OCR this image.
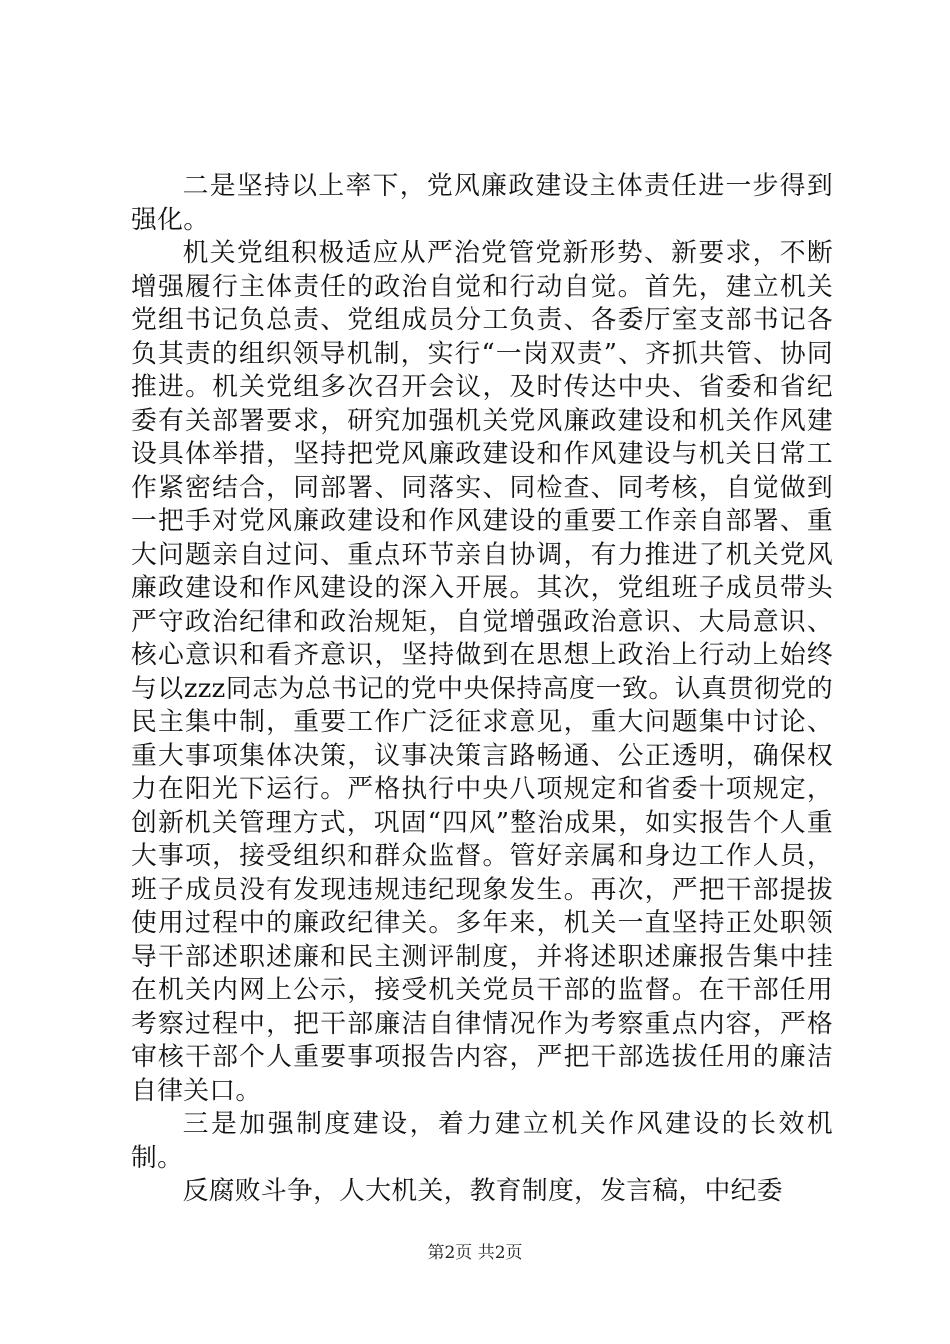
二是坚持以上率下，党风廉政建设主体责任进一步得到强化。

机关党组积极适应从严治党管党新形势、新要求，不断增强履行主体责任的政治自觉和行动自觉。首先，建立机关党组书记负总责、党组成员分工负责、各委厅室支部书记各负其责的组织领导机制，实行“一岗双责”、齐抓共管、协同推进。机关党组多次召开会议，及时传达中央、省委和省纪委有关部署要求，研究加强机关党风廉政建设和机关作风建设具体举措，坚持把党风廉政建设和作风建设与机关日常工作紧密结合，同部署、同落实、同检查、同考核，自觉做到一把手对党风廉政建设和作风建设的重要工作亲自部署、重大问题亲自过问、重点环节亲自协调，有力推进了机关党风廉政建设和作风建设的深入开展。其次，党组班子成员带头严守政治纪律和政治规矩，自觉增强政治意识、大局意识、核心意识和看齐意识，坚持做到在思想上政治上行动上始终与以zzz同志为总书记的党中央保持高度一致。认真贯彻党的民主集中制，重要工作广泛征求意见，重大问题集中讨论、重大事项集体决策，议事决策言路畅通、公正透明，确保权力在阳光下运行。严格执行中央八项规定和省委十项规定，创新机关管理方式，巩固“四风”整治成果，如实报告个人重大事项，接受组织和群众监督。管好亲属和身边工作人员，班子成员没有发现违规违纪现象发生。再次，严把干部提拔使用过程中的廉政纪律关。多年来，机关一直坚持正处职领导干部述职述廉和民主测评制度，并将述职述廉报告集中挂在机关内网上公示，接受机关党员干部的监督。在干部任用考察过程中，把干部廉洁自律情况作为考察重点内容，严格审核干部个人重要事项报告内容，严把干部选拔任用的廉洁自律关口。

三是加强制度建设，着力建立机关作风建设的长效机制。

反腐败斗争，人大机关，教育制度，发言稿，中纪委

第2页 共2页
